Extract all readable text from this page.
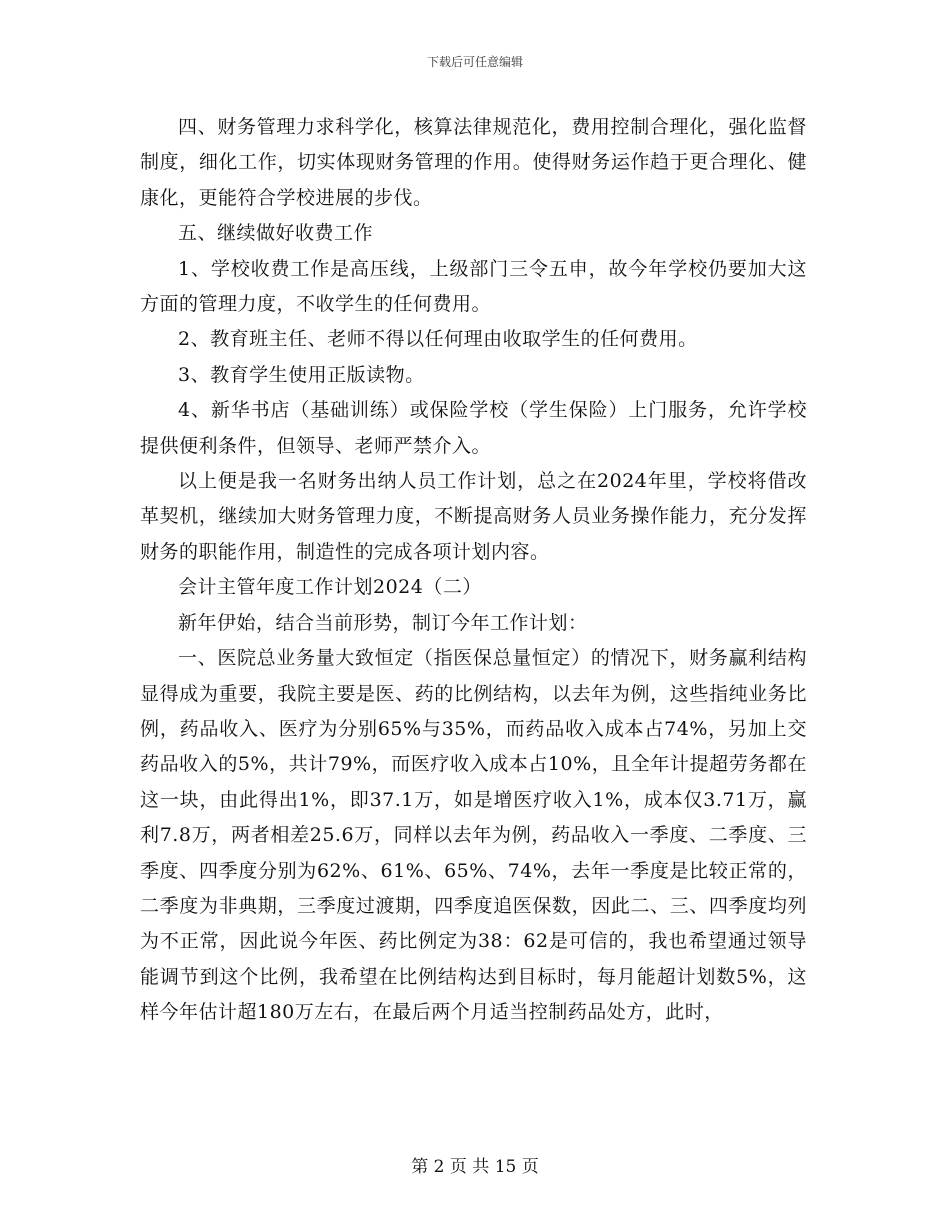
下载后可任意编辑

四、财务管理力求科学化，核算法律规范化，费用控制合理化，强化监督制度，细化工作，切实体现财务管理的作用。使得财务运作趋于更合理化、健康化，更能符合学校进展的步伐。

五、继续做好收费工作

1、学校收费工作是高压线，上级部门三令五申，故今年学校仍要加大这方面的管理力度，不收学生的任何费用。

2、教育班主任、老师不得以任何理由收取学生的任何费用。

3、教育学生使用正版读物。

4、新华书店（基础训练）或保险学校（学生保险）上门服务，允许学校提供便利条件，但领导、老师严禁介入。

以上便是我一名财务出纳人员工作计划，总之在2024年里，学校将借改革契机，继续加大财务管理力度，不断提高财务人员业务操作能力，充分发挥财务的职能作用，制造性的完成各项计划内容。

会计主管年度工作计划2024（二）

新年伊始，结合当前形势，制订今年工作计划：

一、医院总业务量大致恒定（指医保总量恒定）的情况下，财务赢利结构显得成为重要，我院主要是医、药的比例结构，以去年为例，这些指纯业务比例，药品收入、医疗为分别65%与35%，而药品收入成本占74%，另加上交药品收入的5%，共计79%，而医疗收入成本占10%，且全年计提超劳务都在这一块，由此得出1%，即37.1万，如是增医疗收入1%，成本仅3.71万，赢利7.8万，两者相差25.6万，同样以去年为例，药品收入一季度、二季度、三季度、四季度分别为62%、61%、65%、74%，去年一季度是比较正常的，二季度为非典期，三季度过渡期，四季度追医保数，因此二、三、四季度均列为不正常，因此说今年医、药比例定为38：62是可信的，我也希望通过领导能调节到这个比例，我希望在比例结构达到目标时，每月能超计划数5%，这样今年估计超180万左右，在最后两个月适当控制药品处方，此时，

第 2 页 共 15 页
